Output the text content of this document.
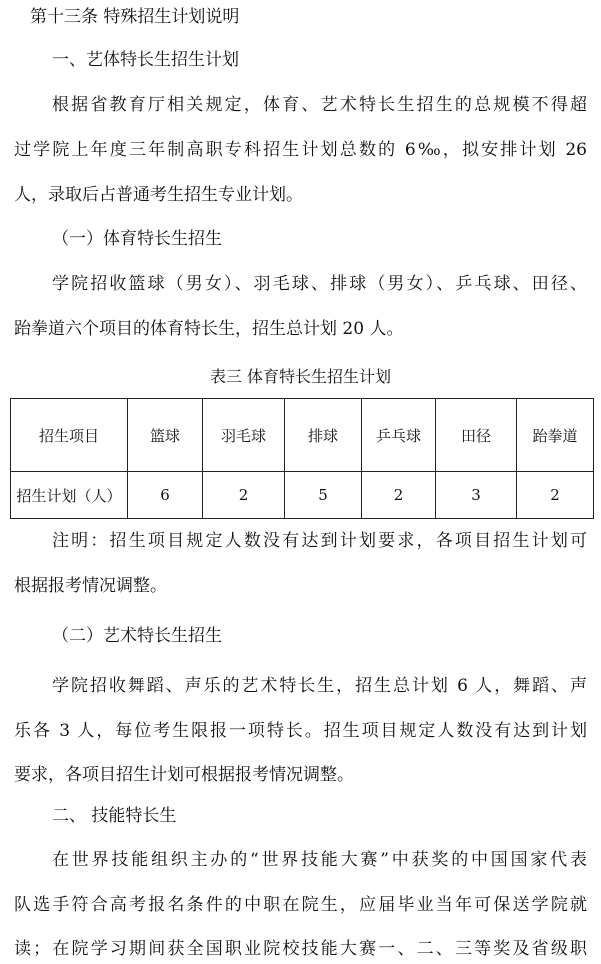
第十三条 特殊招生计划说明
一、艺体特长生招生计划
根据省教育厅相关规定，体育、艺术特长生招生的总规模不得超
过学院上年度三年制高职专科招生计划总数的 6‰，拟安排计划 26
人，录取后占普通考生招生专业计划。
（一）体育特长生招生
学院招收篮球（男女）、羽毛球、排球（男女）、乒乓球、田径、
跆拳道六个项目的体育特长生，招生总计划 20 人。
表三 体育特长生招生计划
招生项目	篮球	羽毛球	排球	乒乓球	田径	跆拳道
招生计划（人）	6	2	5	2	3	2
注明：招生项目规定人数没有达到计划要求，各项目招生计划可
根据报考情况调整。
（二）艺术特长生招生
学院招收舞蹈、声乐的艺术特长生，招生总计划 6 人，舞蹈、声
乐各 3 人，每位考生限报一项特长。招生项目规定人数没有达到计划
要求，各项目招生计划可根据报考情况调整。
二、 技能特长生
在世界技能组织主办的“世界技能大赛”中获奖的中国国家代表
队选手符合高考报名条件的中职在院生，应届毕业当年可保送学院就
读；在院学习期间获全国职业院校技能大赛一、二、三等奖及省级职
